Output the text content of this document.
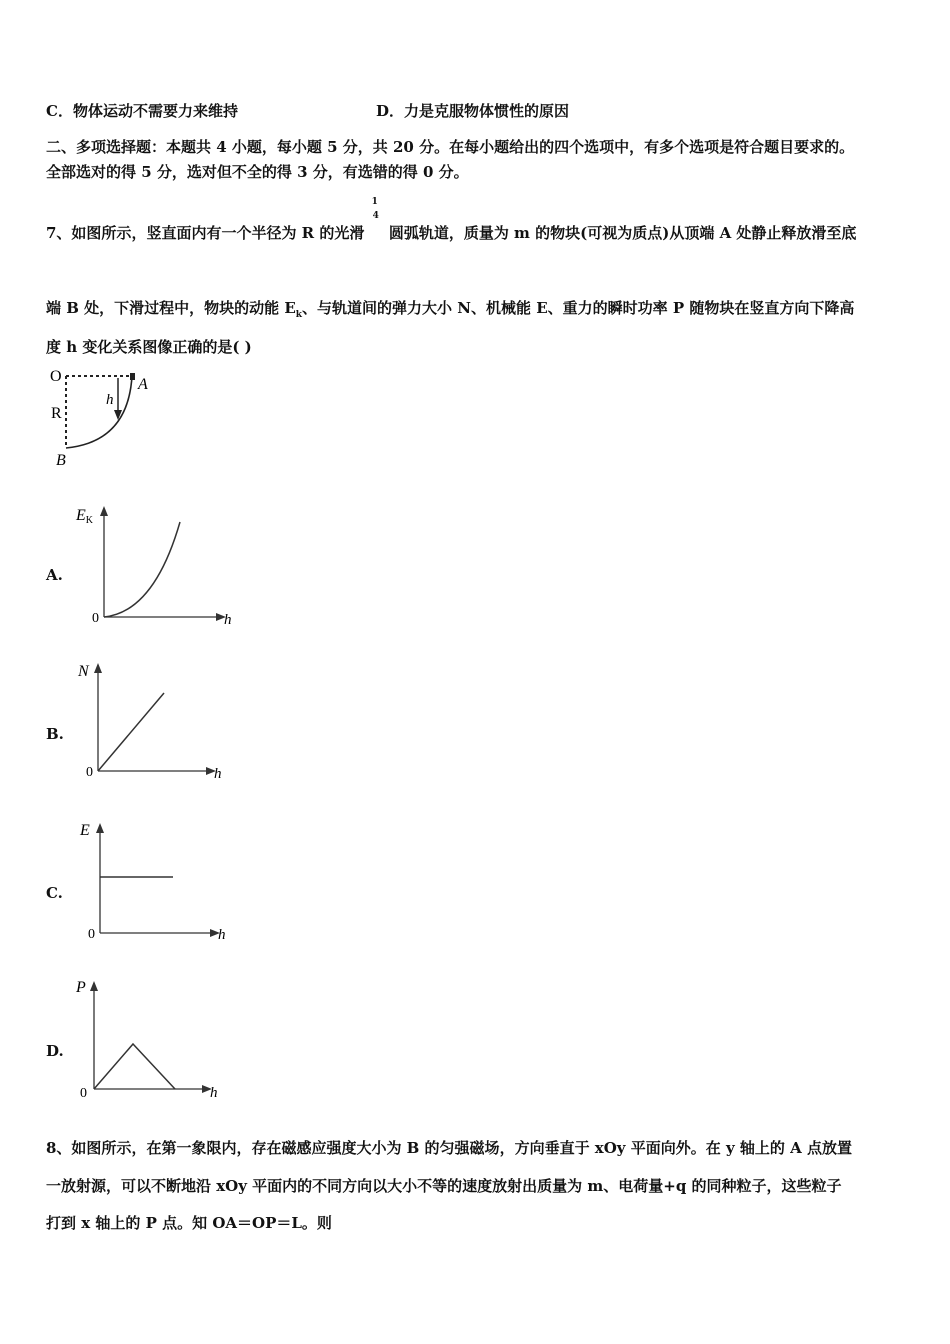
C．物体运动不需要力来维持	D．力是克服物体惯性的原因
二、多项选择题：本题共 4 小题，每小题 5 分，共 20 分。在每小题给出的四个选项中，有多个选项是符合题目要求的。
全部选对的得 5 分，选对但不全的得 3 分，有选错的得 0 分。
7、如图所示，竖直面内有一个半径为 R 的光滑
1
4
圆弧轨道，质量为 m 的物块(可视为质点)从顶端 A 处静止释放滑至底
端 B 处，下滑过程中，物块的动能 $E_k$、与轨道间的弹力大小 N、机械能 E、重力的瞬时功率 P 随物块在竖直方向下降高
度 h 变化关系图像正确的是( )
O	A
R
h
B
A.
EK
0	h
B.
N
0	h
C.
E
0	h
D.
P
0	h
8、如图所示，在第一象限内，存在磁感应强度大小为 B 的匀强磁场，方向垂直于 xOy 平面向外。在 y 轴上的 A 点放置
一放射源，可以不断地沿 xOy 平面内的不同方向以大小不等的速度放射出质量为 m、电荷量+q 的同种粒子，这些粒子
打到 x 轴上的 P 点。知 OA＝OP＝L。则
